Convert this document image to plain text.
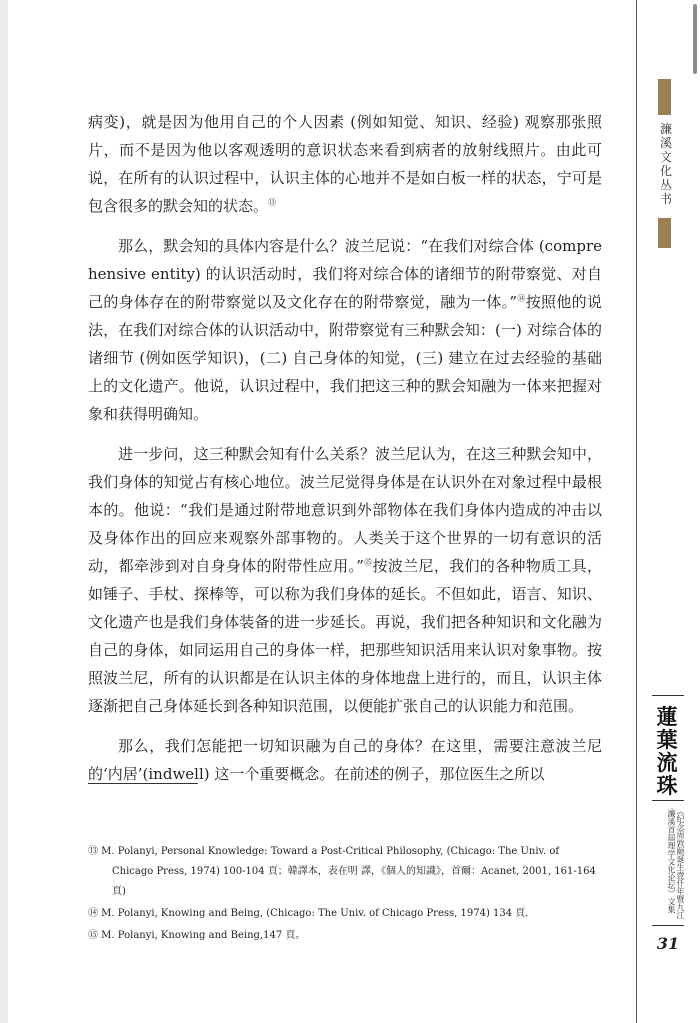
病变)，就是因为他用自己的个人因素 (例如知觉、知识、经验) 观察那张照片，而不是因为他以客观透明的意识状态来看到病者的放射线照片。由此可说，在所有的认识过程中，认识主体的心地并不是如白板一样的状态，宁可是包含很多的默会知的状态。⑬

那么，默会知的具体内容是什么？波兰尼说：“在我们对综合体 (comprehensive entity) 的认识活动时，我们将对综合体的诸细节的附带察觉、对自己的身体存在的附带察觉以及文化存在的附带察觉，融为一体。”⑭按照他的说法，在我们对综合体的认识活动中，附带察觉有三种默会知：(一) 对综合体的诸细节 (例如医学知识)，(二) 自己身体的知觉，(三) 建立在过去经验的基础上的文化遗产。他说，认识过程中，我们把这三种的默会知融为一体来把握对象和获得明确知。

进一步问，这三种默会知有什么关系？波兰尼认为，在这三种默会知中，我们身体的知觉占有核心地位。波兰尼觉得身体是在认识外在对象过程中最根本的。他说：“我们是通过附带地意识到外部物体在我们身体内造成的冲击以及身体作出的回应来观察外部事物的。人类关于这个世界的一切有意识的活动，都牵涉到对自身身体的附带性应用。”⑮按波兰尼，我们的各种物质工具，如锤子、手杖、探棒等，可以称为我们身体的延长。不但如此，语言、知识、文化遗产也是我们身体装备的进一步延长。再说，我们把各种知识和文化融为自己的身体，如同运用自己的身体一样，把那些知识活用来认识对象事物。按照波兰尼，所有的认识都是在认识主体的身体地盘上进行的，而且，认识主体逐渐把自己身体延长到各种知识范围，以便能扩张自己的认识能力和范围。

那么，我们怎能把一切知识融为自己的身体？在这里，需要注意波兰尼的‘内居’(indwell) 这一个重要概念。在前述的例子，那位医生之所以

⑬ M. Polanyi, Personal Knowledge: Toward a Post-Critical Philosophy, (Chicago: The Univ. of Chicago Press, 1974) 100-104 頁；韓譯本，表在明 譯，《個人的知識》，首爾：Acanet, 2001, 161-164 頁)
⑭ M. Polanyi, Knowing and Being, (Chicago: The Univ. of Chicago Press, 1974) 134 頁．
⑮ M. Polanyi, Knowing and Being,147 頁。
濂溪文化丛书
蓮葉流珠
《纪念周敦颐诞生壹仟年暨九江·濂溪首届理学文化论坛》文集
31
